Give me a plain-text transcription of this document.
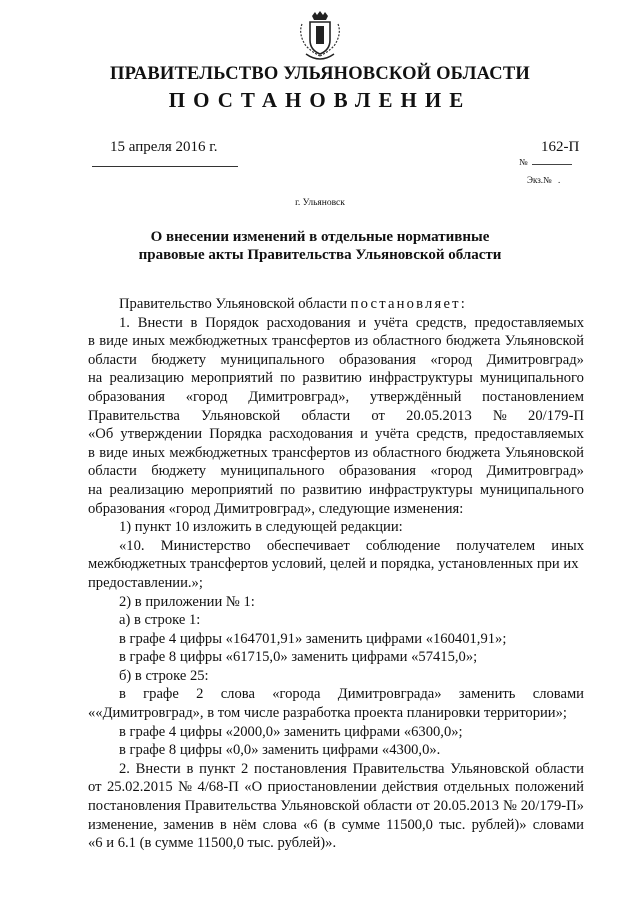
ПРАВИТЕЛЬСТВО УЛЬЯНОВСКОЙ ОБЛАСТИ
ПОСТАНОВЛЕНИЕ
15 апреля 2016 г.	162-П
№
Экз.№ .
г. Ульяновск
О внесении изменений в отдельные нормативные
правовые акты Правительства Ульяновской области
Правительство Ульяновской области постановляет:
1. Внести в Порядок расходования и учёта средств, предоставляемых
в виде иных межбюджетных трансфертов из областного бюджета Ульяновской
области бюджету муниципального образования «город Димитровград»
на реализацию мероприятий по развитию инфраструктуры муниципального
образования «город Димитровград», утверждённый постановлением
Правительства Ульяновской области от 20.05.2013 № 20/179-П
«Об утверждении Порядка расходования и учёта средств, предоставляемых
в виде иных межбюджетных трансфертов из областного бюджета Ульяновской
области бюджету муниципального образования «город Димитровград»
на реализацию мероприятий по развитию инфраструктуры муниципального
образования «город Димитровград», следующие изменения:
1) пункт 10 изложить в следующей редакции:
«10. Министерство обеспечивает соблюдение получателем иных
межбюджетных трансфертов условий, целей и порядка, установленных при их
предоставлении.»;
2) в приложении № 1:
а) в строке 1:
в графе 4 цифры «164701,91» заменить цифрами «160401,91»;
в графе 8 цифры «61715,0» заменить цифрами «57415,0»;
б) в строке 25:
в графе 2 слова «города Димитровграда» заменить словами
««Димитровград», в том числе разработка проекта планировки территории»;
в графе 4 цифры «2000,0» заменить цифрами «6300,0»;
в графе 8 цифры «0,0» заменить цифрами «4300,0».
2. Внести в пункт 2 постановления Правительства Ульяновской области
от 25.02.2015 № 4/68-П «О приостановлении действия отдельных положений
постановления Правительства Ульяновской области от 20.05.2013 № 20/179-П»
изменение, заменив в нём слова «6 (в сумме 11500,0 тыс. рублей)» словами
«6 и 6.1 (в сумме 11500,0 тыс. рублей)».
